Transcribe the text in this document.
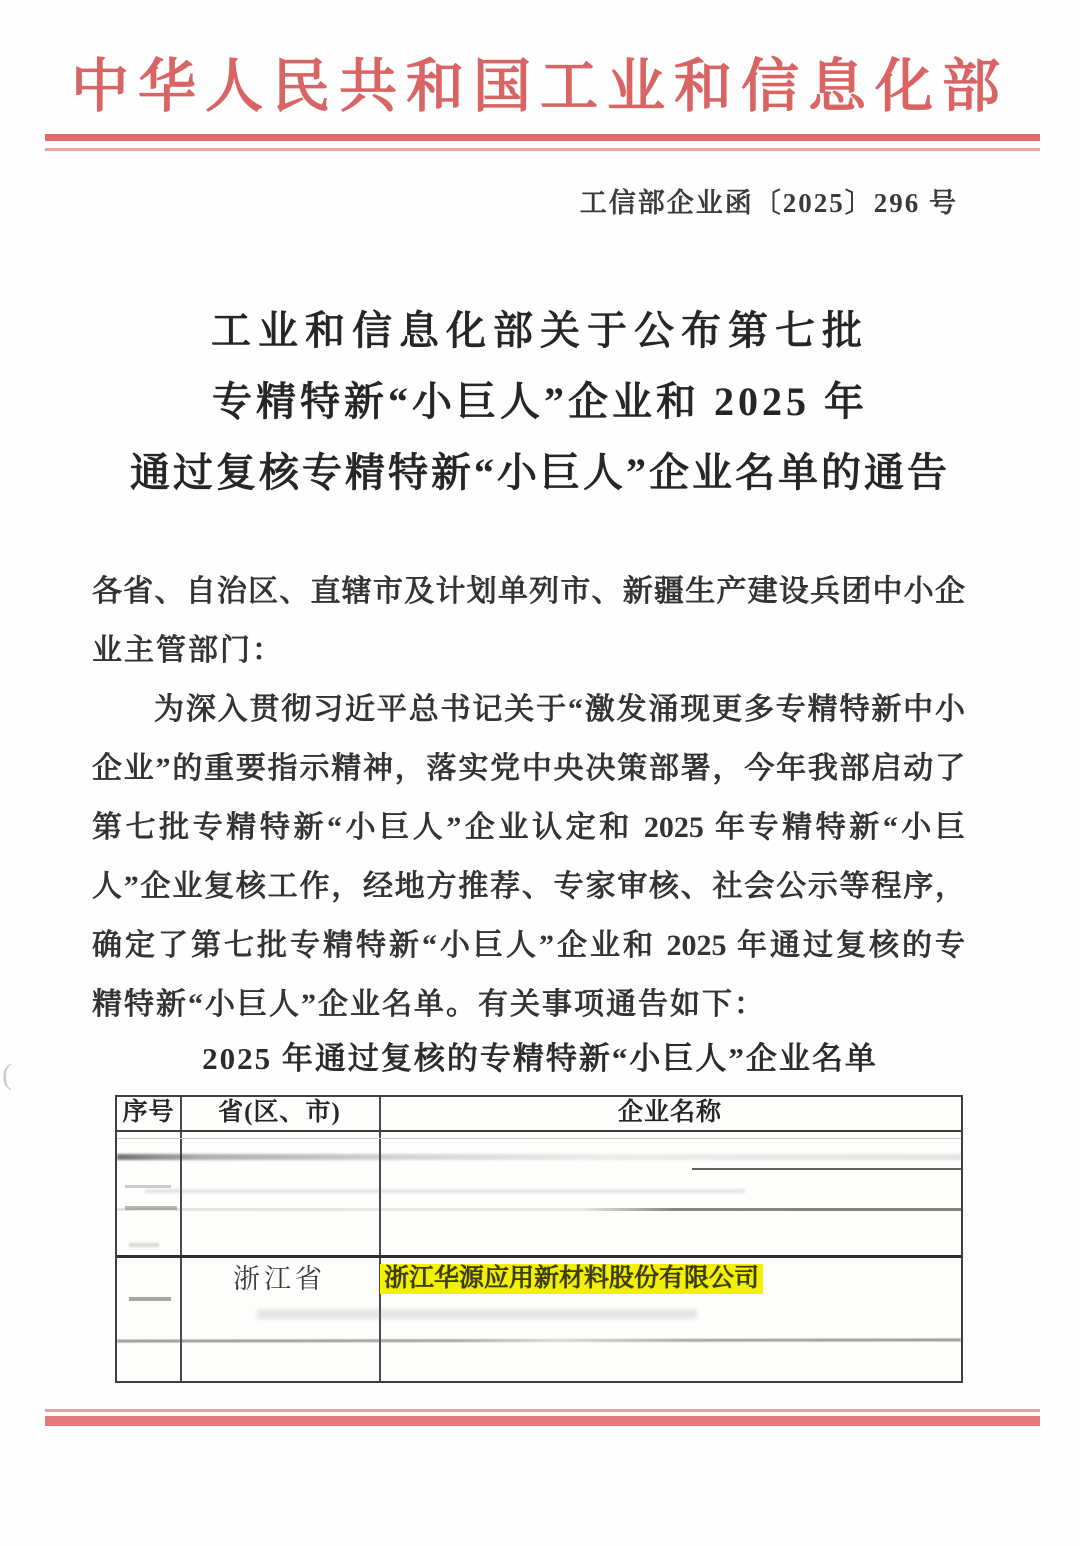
中华人民共和国工业和信息化部
工信部企业函〔2025〕296 号
工业和信息化部关于公布第七批
专精特新“小巨人”企业和 2025 年
通过复核专精特新“小巨人”企业名单的通告
各省、自治区、直辖市及计划单列市、新疆生产建设兵团中小企
业主管部门：
为深入贯彻习近平总书记关于“激发涌现更多专精特新中小
企业”的重要指示精神，落实党中央决策部署，今年我部启动了
第七批专精特新“小巨人”企业认定和 2025 年专精特新“小巨
人”企业复核工作，经地方推荐、专家审核、社会公示等程序，
确定了第七批专精特新“小巨人”企业和 2025 年通过复核的专
精特新“小巨人”企业名单。有关事项通告如下：
2025 年通过复核的专精特新“小巨人”企业名单
序号	省(区、市)	企业名称
浙江省	浙江华源应用新材料股份有限公司
(
